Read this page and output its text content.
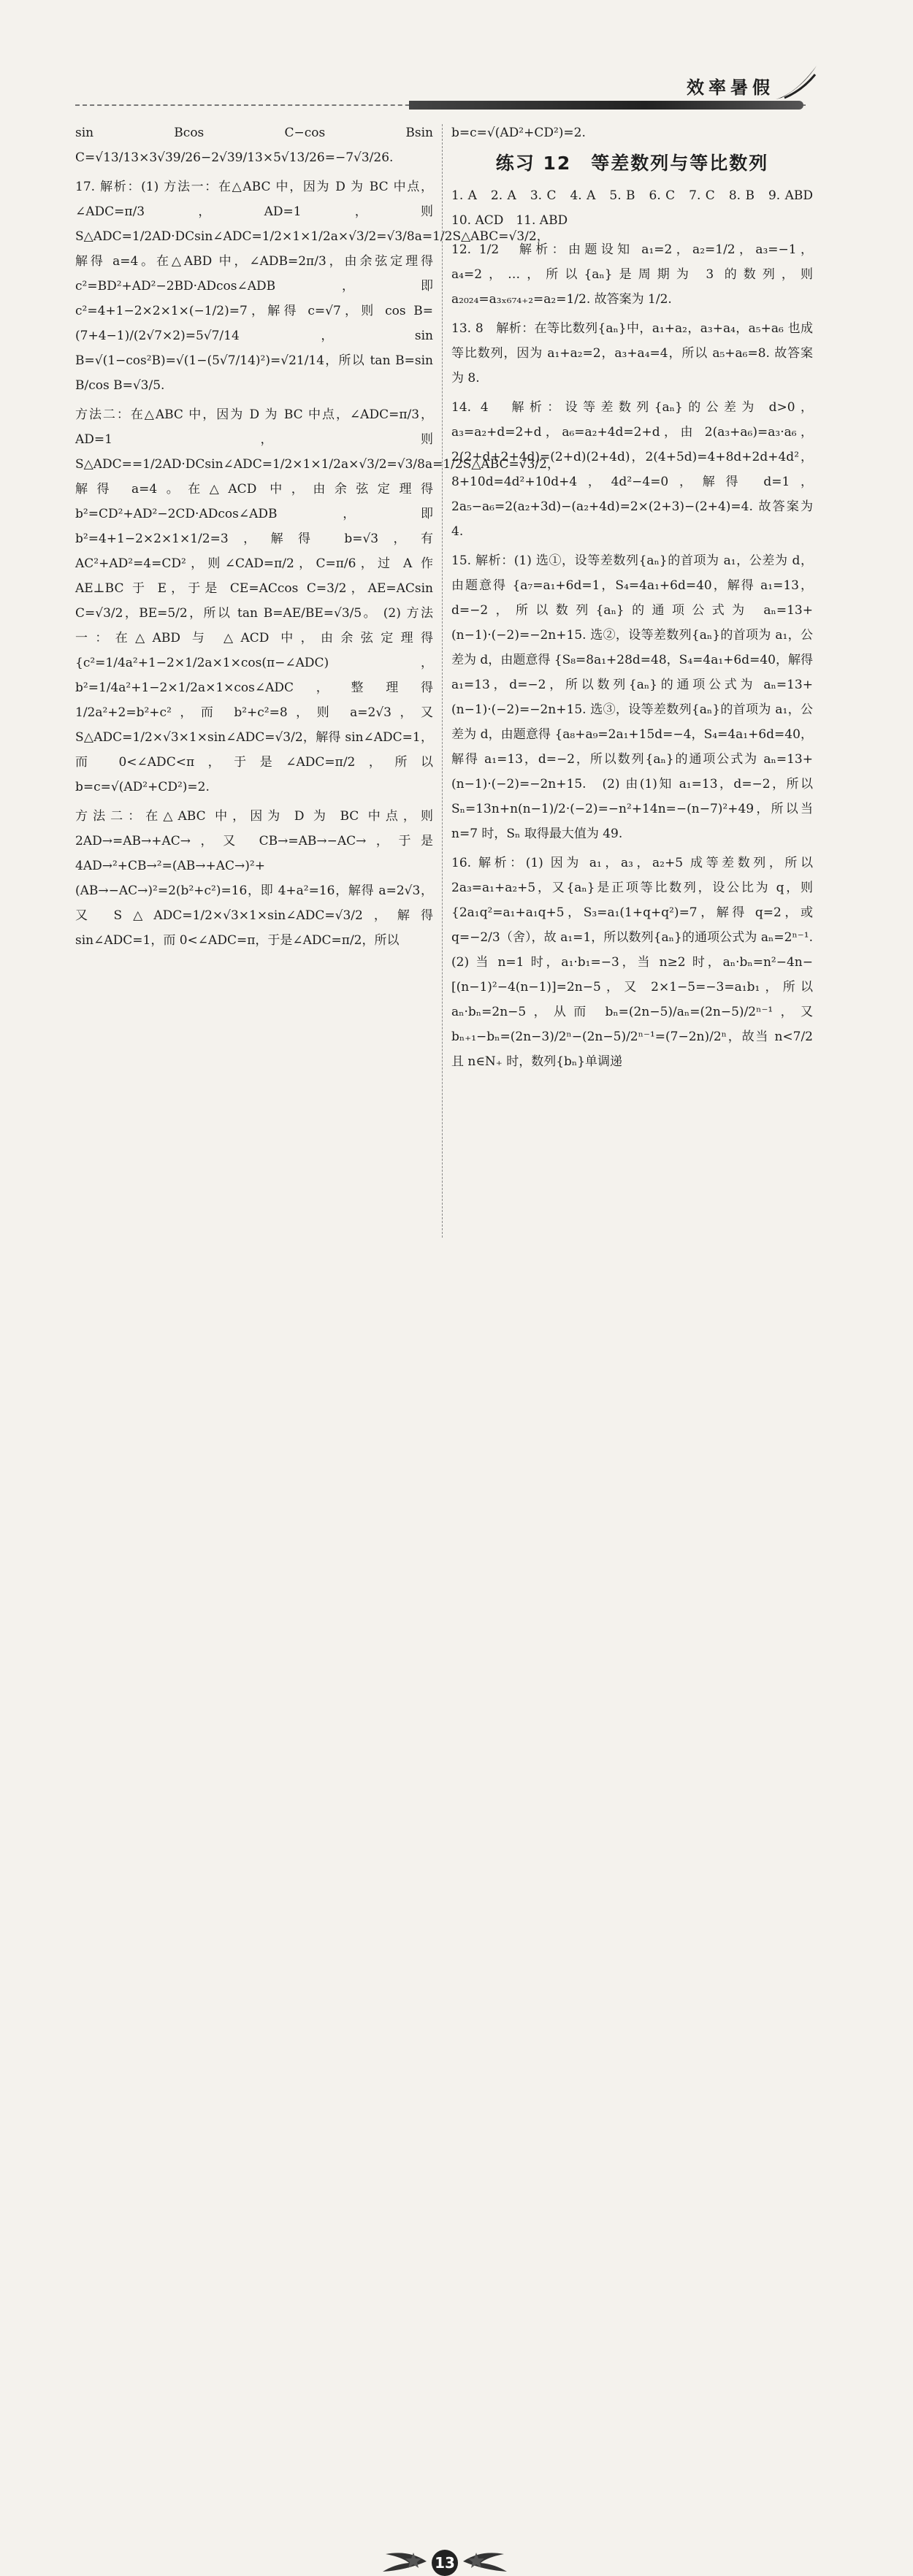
效率暑假

sin Bcos C−cos Bsin C=√13/13×3√39/26−2√39/13×5√13/26=−7√3/26.

17. 解析：(1) 方法一：在△ABC 中，因为 D 为 BC 中点，∠ADC=π/3，AD=1，则 S△ADC=1/2AD·DCsin∠ADC=1/2×1×1/2a×√3/2=√3/8a=1/2S△ABC=√3/2，解得 a=4。在△ABD 中，∠ADB=2π/3，由余弦定理得 c²=BD²+AD²−2BD·ADcos∠ADB，即 c²=4+1−2×2×1×(−1/2)=7，解得 c=√7，则 cos B=(7+4−1)/(2√7×2)=5√7/14，sin B=√(1−cos²B)=√(1−(5√7/14)²)=√21/14，所以 tan B=sin B/cos B=√3/5.

方法二：在△ABC 中，因为 D 为 BC 中点，∠ADC=π/3，AD=1，则 S△ADC==1/2AD·DCsin∠ADC=1/2×1×1/2a×√3/2=√3/8a=1/2S△ABC=√3/2，解得 a=4。在△ACD 中，由余弦定理得 b²=CD²+AD²−2CD·ADcos∠ADB，即 b²=4+1−2×2×1×1/2=3，解得 b=√3，有 AC²+AD²=4=CD²，则∠CAD=π/2，C=π/6，过 A 作 AE⊥BC 于 E，于是 CE=ACcos C=3/2，AE=ACsin C=√3/2，BE=5/2，所以 tan B=AE/BE=√3/5。 (2) 方法一：在△ABD 与 △ACD 中，由余弦定理得 {c²=1/4a²+1−2×1/2a×1×cos(π−∠ADC)，b²=1/4a²+1−2×1/2a×1×cos∠ADC，整理得 1/2a²+2=b²+c²，而 b²+c²=8，则 a=2√3，又 S△ADC=1/2×√3×1×sin∠ADC=√3/2，解得 sin∠ADC=1，而 0<∠ADC<π，于是∠ADC=π/2，所以 b=c=√(AD²+CD²)=2.

方法二：在△ABC 中，因为 D 为 BC 中点，则 2AD→=AB→+AC→，又 CB→=AB→−AC→，于是 4AD→²+CB→²=(AB→+AC→)²+(AB→−AC→)²=2(b²+c²)=16，即 4+a²=16，解得 a=2√3，又 S△ADC=1/2×√3×1×sin∠ADC=√3/2，解得 sin∠ADC=1，而 0<∠ADC=π，于是∠ADC=π/2，所以

b=c=√(AD²+CD²)=2.

练习 12　等差数列与等比数列

1. A　2. A　3. C　4. A　5. B　6. C　7. C　8. B　9. ABD　10. ACD　11. ABD

12. 1/2　解析：由题设知 a₁=2，a₂=1/2，a₃=−1，a₄=2，…，所以{aₙ}是周期为 3 的数列，则 a₂₀₂₄=a₃ₓ₆₇₄₊₂=a₂=1/2. 故答案为 1/2.

13. 8　解析：在等比数列{aₙ}中，a₁+a₂，a₃+a₄，a₅+a₆ 也成等比数列，因为 a₁+a₂=2，a₃+a₄=4，所以 a₅+a₆=8. 故答案为 8.

14. 4　解析：设等差数列{aₙ}的公差为 d>0，a₃=a₂+d=2+d，a₆=a₂+4d=2+d，由 2(a₃+a₆)=a₃·a₆，2(2+d+2+4d)=(2+d)(2+4d)，2(4+5d)=4+8d+2d+4d²，8+10d=4d²+10d+4，4d²−4=0，解得 d=1，2a₅−a₆=2(a₂+3d)−(a₂+4d)=2×(2+3)−(2+4)=4. 故答案为 4.

15. 解析：(1) 选①，设等差数列{aₙ}的首项为 a₁，公差为 d，由题意得 {a₇=a₁+6d=1，S₄=4a₁+6d=40，解得 a₁=13，d=−2，所以数列{aₙ}的通项公式为 aₙ=13+(n−1)·(−2)=−2n+15. 选②，设等差数列{aₙ}的首项为 a₁，公差为 d，由题意得 {S₈=8a₁+28d=48，S₄=4a₁+6d=40，解得 a₁=13，d=−2，所以数列{aₙ}的通项公式为 aₙ=13+(n−1)·(−2)=−2n+15. 选③，设等差数列{aₙ}的首项为 a₁，公差为 d，由题意得 {a₈+a₉=2a₁+15d=−4，S₄=4a₁+6d=40，解得 a₁=13，d=−2，所以数列{aₙ}的通项公式为 aₙ=13+(n−1)·(−2)=−2n+15.　(2) 由(1)知 a₁=13，d=−2，所以 Sₙ=13n+n(n−1)/2·(−2)=−n²+14n=−(n−7)²+49，所以当 n=7 时，Sₙ 取得最大值为 49.

16. 解析：(1) 因为 a₁，a₃，a₂+5 成等差数列，所以 2a₃=a₁+a₂+5，又{aₙ}是正项等比数列，设公比为 q，则 {2a₁q²=a₁+a₁q+5，S₃=a₁(1+q+q²)=7，解得 q=2，或 q=−2/3（舍），故 a₁=1，所以数列{aₙ}的通项公式为 aₙ=2ⁿ⁻¹.　(2) 当 n=1 时，a₁·b₁=−3，当 n≥2 时，aₙ·bₙ=n²−4n−[(n−1)²−4(n−1)]=2n−5，又 2×1−5=−3=a₁b₁，所以 aₙ·bₙ=2n−5，从而 bₙ=(2n−5)/aₙ=(2n−5)/2ⁿ⁻¹，又 bₙ₊₁−bₙ=(2n−3)/2ⁿ−(2n−5)/2ⁿ⁻¹=(7−2n)/2ⁿ，故当 n<7/2 且 n∈N₊ 时，数列{bₙ}单调递

13
